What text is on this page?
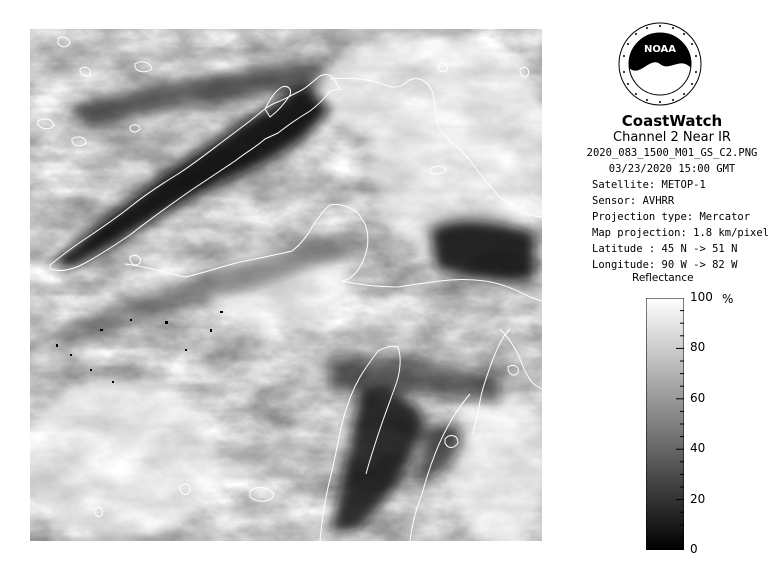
NOAA
CoastWatch
Channel 2 Near IR
2020_083_1500_M01_GS_C2.PNG
03/23/2020 15:00 GMT
Satellite: METOP-1
Sensor: AVHRR
Projection type: Mercator
Map projection: 1.8 km/pixel
Latitude : 45 N -> 51 N
Longitude: 90 W -> 82 W
Reflectance
100
80
60
40
20
0
%
